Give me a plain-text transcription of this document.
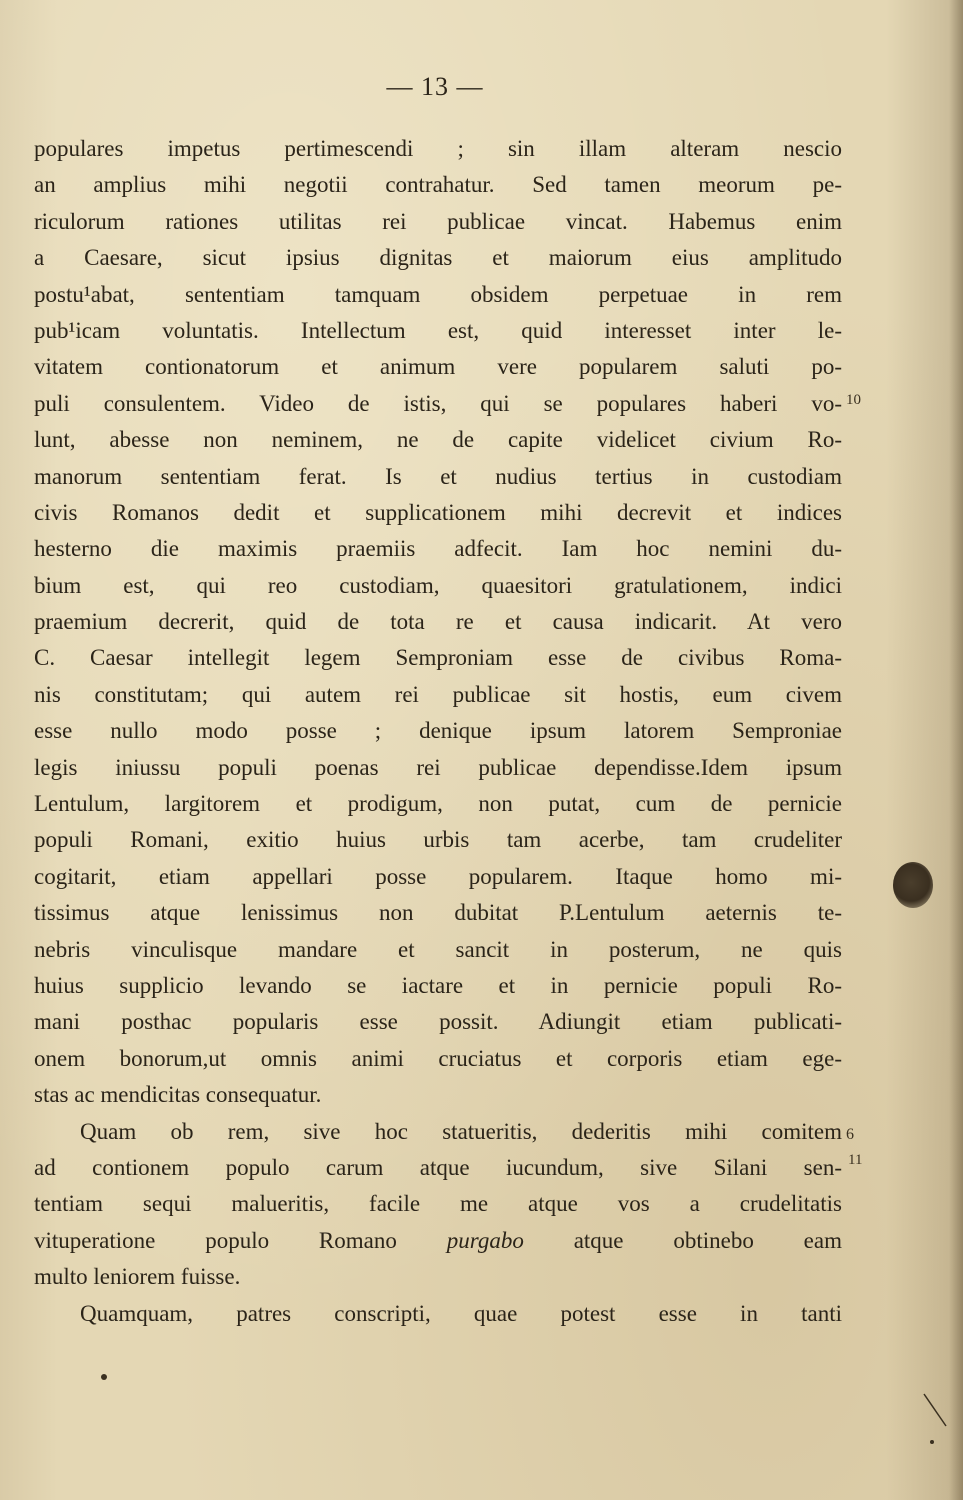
— 13 —
populares impetus pertimescendi ; sin illam alteram nescio
an amplius mihi negotii contrahatur. Sed tamen meorum pe-
riculorum rationes utilitas rei publicae vincat. Habemus enim
a Caesare, sicut ipsius dignitas et maiorum eius amplitudo
postu¹abat, sententiam tamquam obsidem perpetuae in rem
pub¹icam voluntatis. Intellectum est, quid interesset inter le-
vitatem contionatorum et animum vere popularem saluti po-
puli consulentem. Video de istis, qui se populares haberi vo-
lunt, abesse non neminem, ne de capite videlicet civium Ro-
manorum sententiam ferat. Is et nudius tertius in custodiam
civis Romanos dedit et supplicationem mihi decrevit et indices
hesterno die maximis praemiis adfecit. Iam hoc nemini du-
bium est, qui reo custodiam, quaesitori gratulationem, indici
praemium decrerit, quid de tota re et causa indicarit. At vero
C. Caesar intellegit legem Semproniam esse de civibus Roma-
nis constitutam; qui autem rei publicae sit hostis, eum civem
esse nullo modo posse ; denique ipsum latorem Semproniae
legis iniussu populi poenas rei publicae dependisse.Idem ipsum
Lentulum, largitorem et prodigum, non putat, cum de pernicie
populi Romani, exitio huius urbis tam acerbe, tam crudeliter
cogitarit, etiam appellari posse popularem. Itaque homo mi-
tissimus atque lenissimus non dubitat P.Lentulum aeternis te-
nebris vinculisque mandare et sancit in posterum, ne quis
huius supplicio levando se iactare et in pernicie populi Ro-
mani posthac popularis esse possit. Adiungit etiam publicati-
onem bonorum,ut omnis animi cruciatus et corporis etiam ege-
stas ac mendicitas consequatur.
Quam ob rem, sive hoc statueritis, dederitis mihi comitem
ad contionem populo carum atque iucundum, sive Silani sen-
tentiam sequi malueritis, facile me atque vos a crudelitatis
vituperatione populo Romano purgabo atque obtinebo eam
multo leniorem fuisse.
Quamquam, patres conscripti, quae potest esse in tanti
10
6
11
